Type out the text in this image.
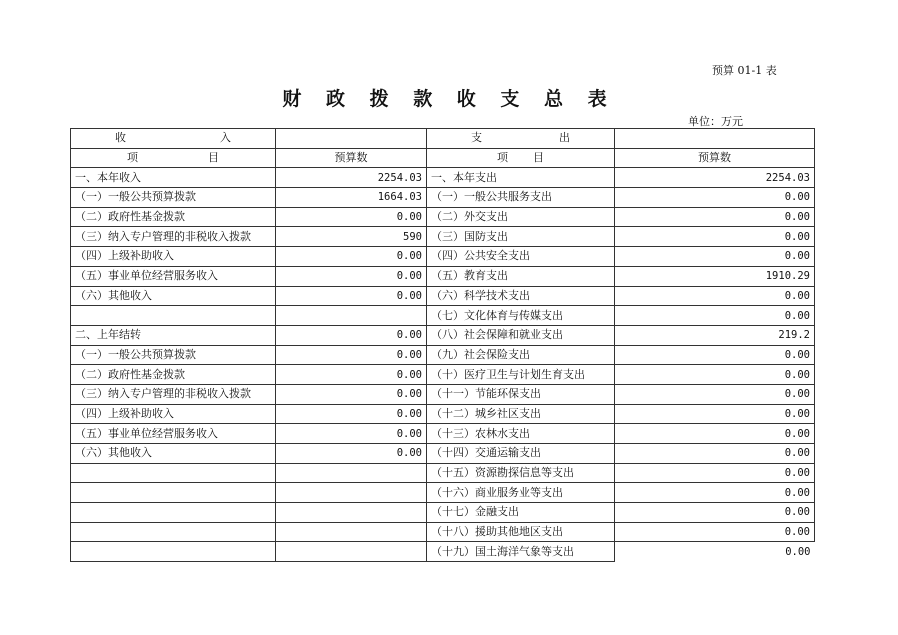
预算 01-1 表
财 政 拨 款 收 支 总 表
单位：万元
收 入		支 出	

项 目	预算数	项 目	预算数
一、本年收入	2254.03	一、本年支出	2254.03
（一）一般公共预算拨款	1664.03	（一）一般公共服务支出	0.00
（二）政府性基金拨款	0.00	（二）外交支出	0.00
（三）纳入专户管理的非税收入拨款	590	（三）国防支出	0.00
（四）上级补助收入	0.00	（四）公共安全支出	0.00
（五）事业单位经营服务收入	0.00	（五）教育支出	1910.29
（六）其他收入	0.00	（六）科学技术支出	0.00
		（七）文化体育与传媒支出	0.00
二、上年结转	0.00	（八）社会保障和就业支出	219.2
（一）一般公共预算拨款	0.00	（九）社会保险支出	0.00
（二）政府性基金拨款	0.00	（十）医疗卫生与计划生育支出	0.00
（三）纳入专户管理的非税收入拨款	0.00	（十一）节能环保支出	0.00
（四）上级补助收入	0.00	（十二）城乡社区支出	0.00
（五）事业单位经营服务收入	0.00	（十三）农林水支出	0.00
（六）其他收入	0.00	（十四）交通运输支出	0.00
		（十五）资源勘探信息等支出	0.00
		（十六）商业服务业等支出	0.00
		（十七）金融支出	0.00
		（十八）援助其他地区支出	0.00
		（十九）国土海洋气象等支出	0.00
